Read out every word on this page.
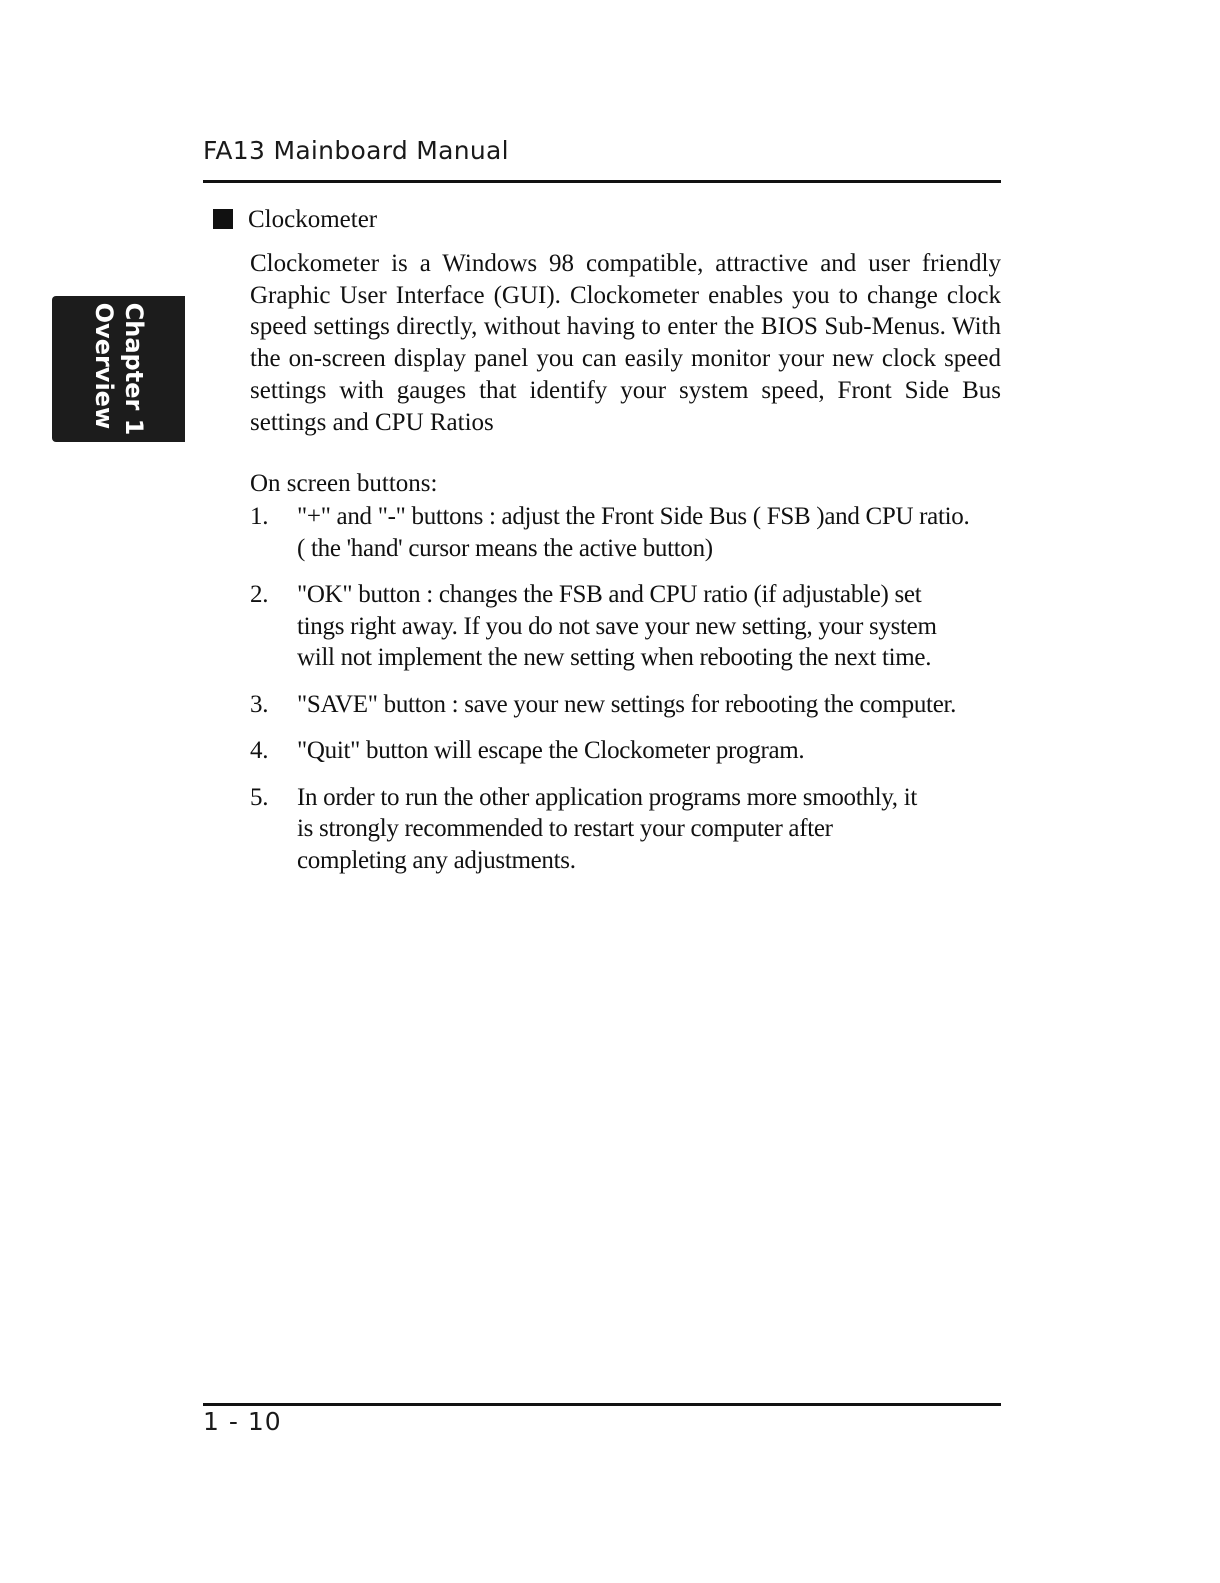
FA13 Mainboard Manual
Chapter 1
Overview
Clockometer

Clockometer is a Windows 98 compatible, attractive and user friendly Graphic User Interface (GUI). Clockometer enables you to change clock speed settings directly, without having to enter the BIOS Sub-Menus. With the on-screen display panel you can easily monitor your new clock speed settings with gauges that identify your system speed, Front Side Bus settings and CPU Ratios

On screen buttons:
1. "+" and "-" buttons : adjust the Front Side Bus ( FSB )and CPU ratio.
( the 'hand' cursor means the active button)
2. "OK" button : changes the FSB and CPU ratio (if adjustable) set
tings right away. If you do not save your new setting, your system
will not implement the new setting when rebooting the next time.
3. "SAVE" button : save your new settings for rebooting the computer.
4. "Quit" button will escape the Clockometer program.
5. In order to run the other application programs more smoothly, it
is strongly recommended to restart your computer after
completing any adjustments.
1 - 10
